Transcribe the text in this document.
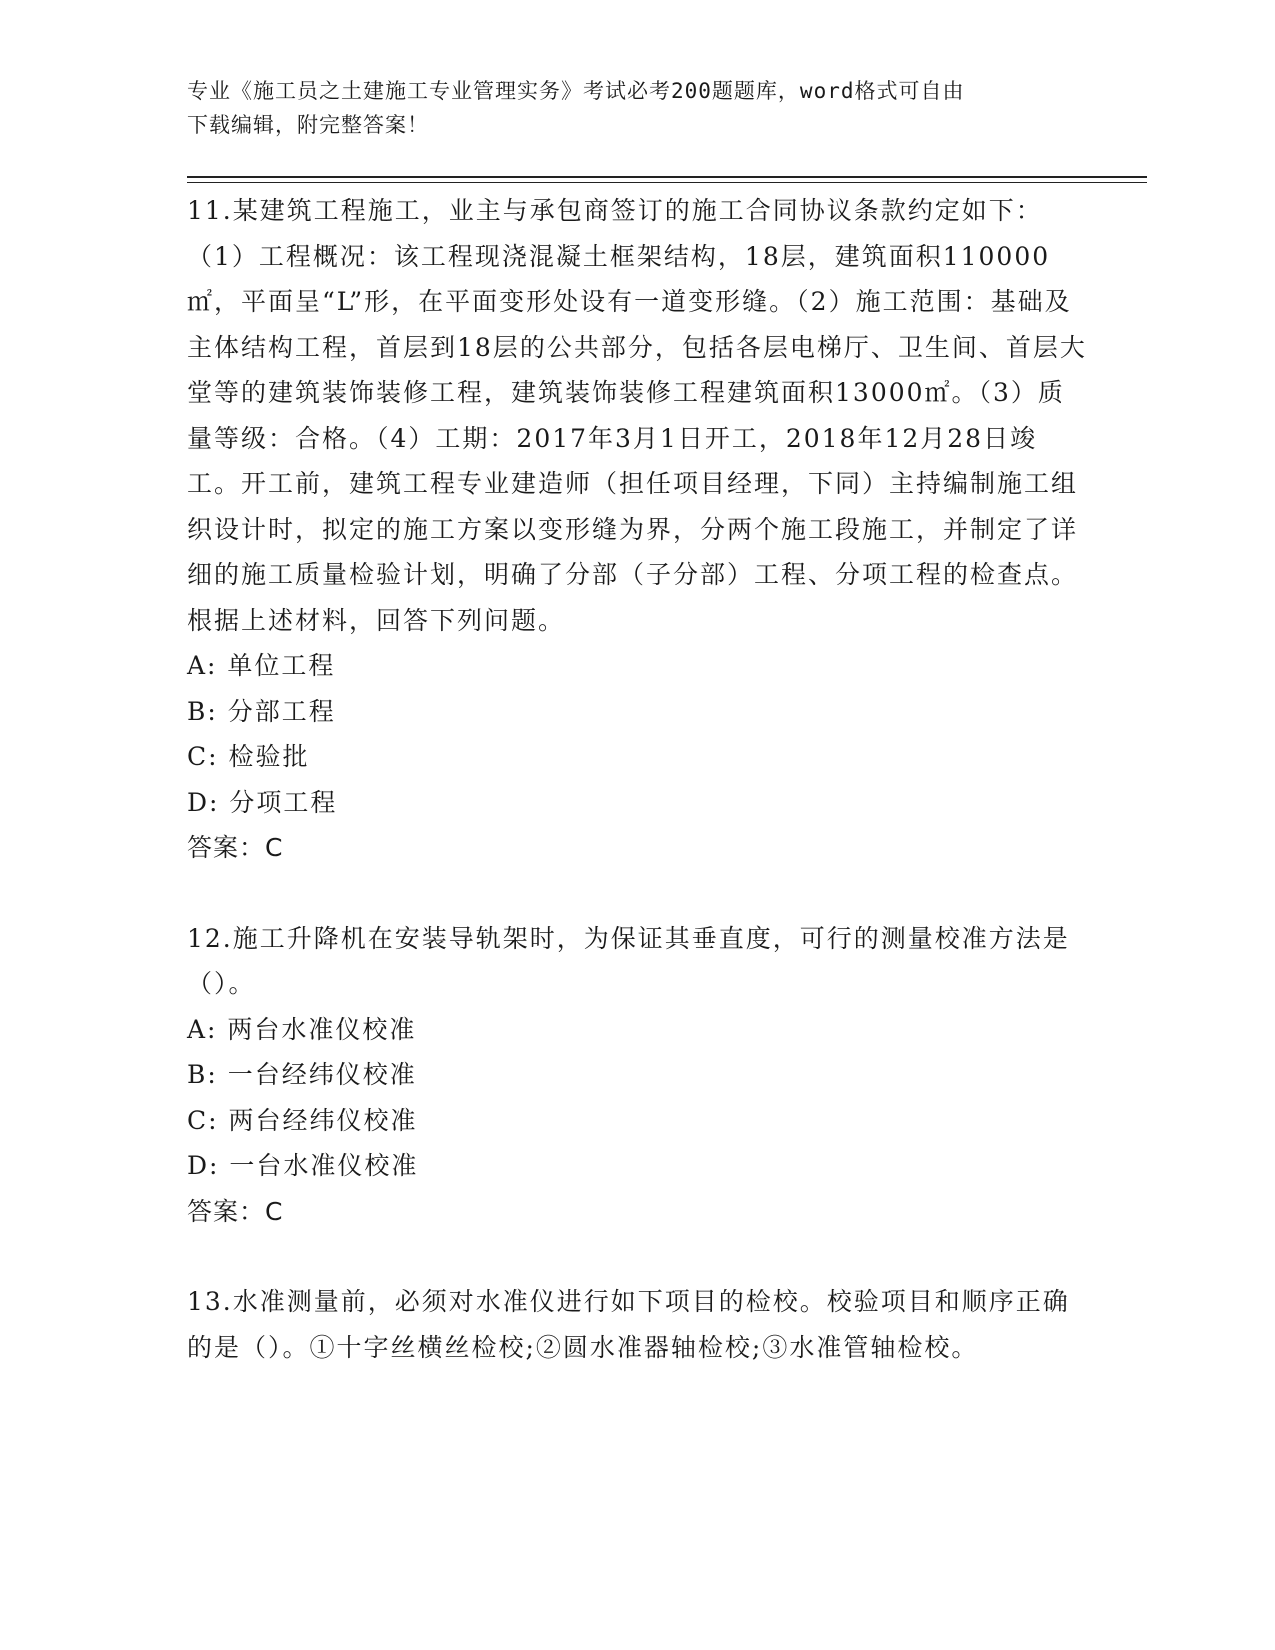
专业《施工员之土建施工专业管理实务》考试必考200题题库，word格式可自由
下载编辑，附完整答案！

11.某建筑工程施工，业主与承包商签订的施工合同协议条款约定如下：（1）工程概况：该工程现浇混凝土框架结构，18层，建筑面积110000㎡，平面呈“L”形，在平面变形处设有一道变形缝。（2）施工范围：基础及主体结构工程，首层到18层的公共部分，包括各层电梯厅、卫生间、首层大堂等的建筑装饰装修工程，建筑装饰装修工程建筑面积13000㎡。（3）质量等级：合格。（4）工期：2017年3月1日开工，2018年12月28日竣工。开工前，建筑工程专业建造师（担任项目经理，下同）主持编制施工组织设计时，拟定的施工方案以变形缝为界，分两个施工段施工，并制定了详细的施工质量检验计划，明确了分部（子分部）工程、分项工程的检查点。根据上述材料，回答下列问题。

A: 单位工程

B: 分部工程

C: 检验批

D: 分项工程

答案：C

12.施工升降机在安装导轨架时，为保证其垂直度，可行的测量校准方法是（）。

A: 两台水准仪校准

B: 一台经纬仪校准

C: 两台经纬仪校准

D: 一台水准仪校准

答案：C

13.水准测量前，必须对水准仪进行如下项目的检校。校验项目和顺序正确的是（）。①十字丝横丝检校;②圆水准器轴检校;③水准管轴检校。
